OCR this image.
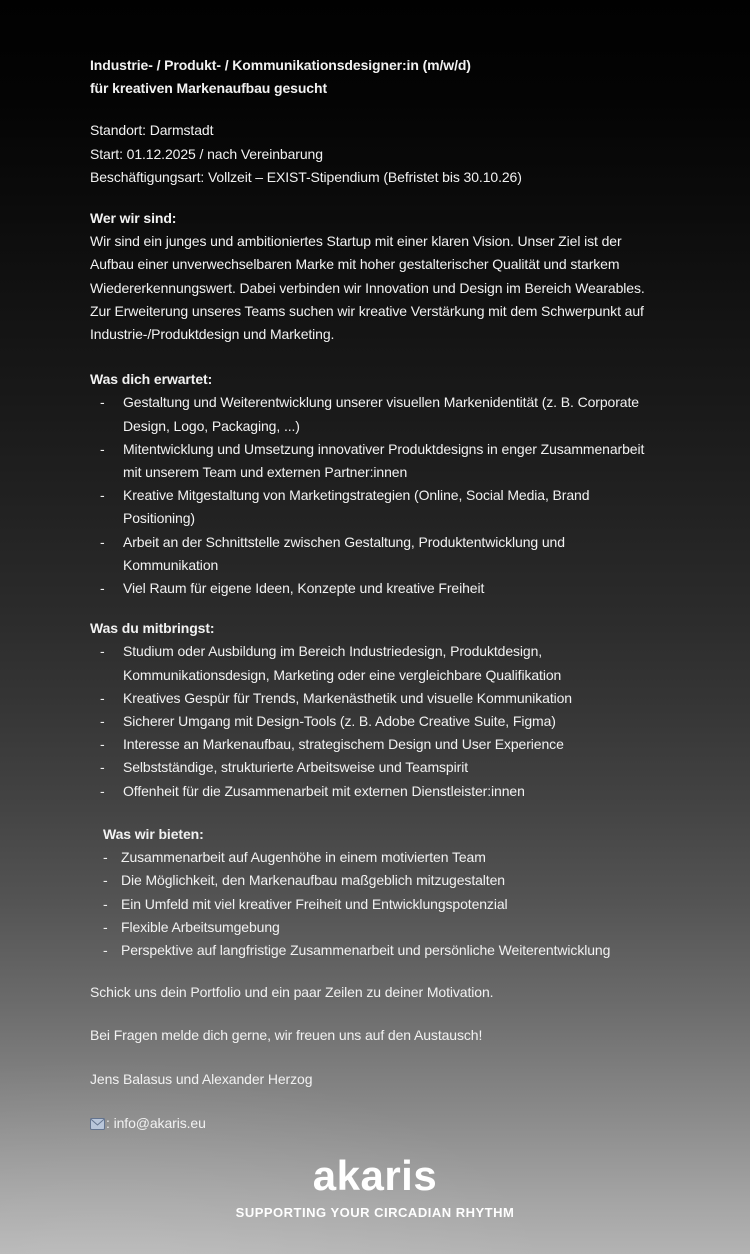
Industrie- / Produkt- / Kommunikationsdesigner:in (m/w/d)
für kreativen Markenaufbau gesucht
Standort: Darmstadt
Start: 01.12.2025 / nach Vereinbarung
Beschäftigungsart: Vollzeit – EXIST-Stipendium (Befristet bis 30.10.26)
Wer wir sind:
Wir sind ein junges und ambitioniertes Startup mit einer klaren Vision. Unser Ziel ist der
Aufbau einer unverwechselbaren Marke mit hoher gestalterischer Qualität und starkem
Wiedererkennungswert. Dabei verbinden wir Innovation und Design im Bereich Wearables.
Zur Erweiterung unseres Teams suchen wir kreative Verstärkung mit dem Schwerpunkt auf
Industrie-/Produktdesign und Marketing.
Was dich erwartet:
-	Gestaltung und Weiterentwicklung unserer visuellen Markenidentität (z. B. Corporate
Design, Logo, Packaging, ...)
-	Mitentwicklung und Umsetzung innovativer Produktdesigns in enger Zusammenarbeit
mit unserem Team und externen Partner:innen
-	Kreative Mitgestaltung von Marketingstrategien (Online, Social Media, Brand
Positioning)
-	Arbeit an der Schnittstelle zwischen Gestaltung, Produktentwicklung und
Kommunikation
-	Viel Raum für eigene Ideen, Konzepte und kreative Freiheit
Was du mitbringst:
-	Studium oder Ausbildung im Bereich Industriedesign, Produktdesign,
Kommunikationsdesign, Marketing oder eine vergleichbare Qualifikation
-	Kreatives Gespür für Trends, Markenästhetik und visuelle Kommunikation
-	Sicherer Umgang mit Design-Tools (z. B. Adobe Creative Suite, Figma)
-	Interesse an Markenaufbau, strategischem Design und User Experience
-	Selbstständige, strukturierte Arbeitsweise und Teamspirit
-	Offenheit für die Zusammenarbeit mit externen Dienstleister:innen
Was wir bieten:
- Zusammenarbeit auf Augenhöhe in einem motivierten Team
- Die Möglichkeit, den Markenaufbau maßgeblich mitzugestalten
- Ein Umfeld mit viel kreativer Freiheit und Entwicklungspotenzial
- Flexible Arbeitsumgebung
- Perspektive auf langfristige Zusammenarbeit und persönliche Weiterentwicklung
Schick uns dein Portfolio und ein paar Zeilen zu deiner Motivation.
Bei Fragen melde dich gerne, wir freuen uns auf den Austausch!
Jens Balasus und Alexander Herzog
: info@akaris.eu
akaris
SUPPORTING YOUR CIRCADIAN RHYTHM
